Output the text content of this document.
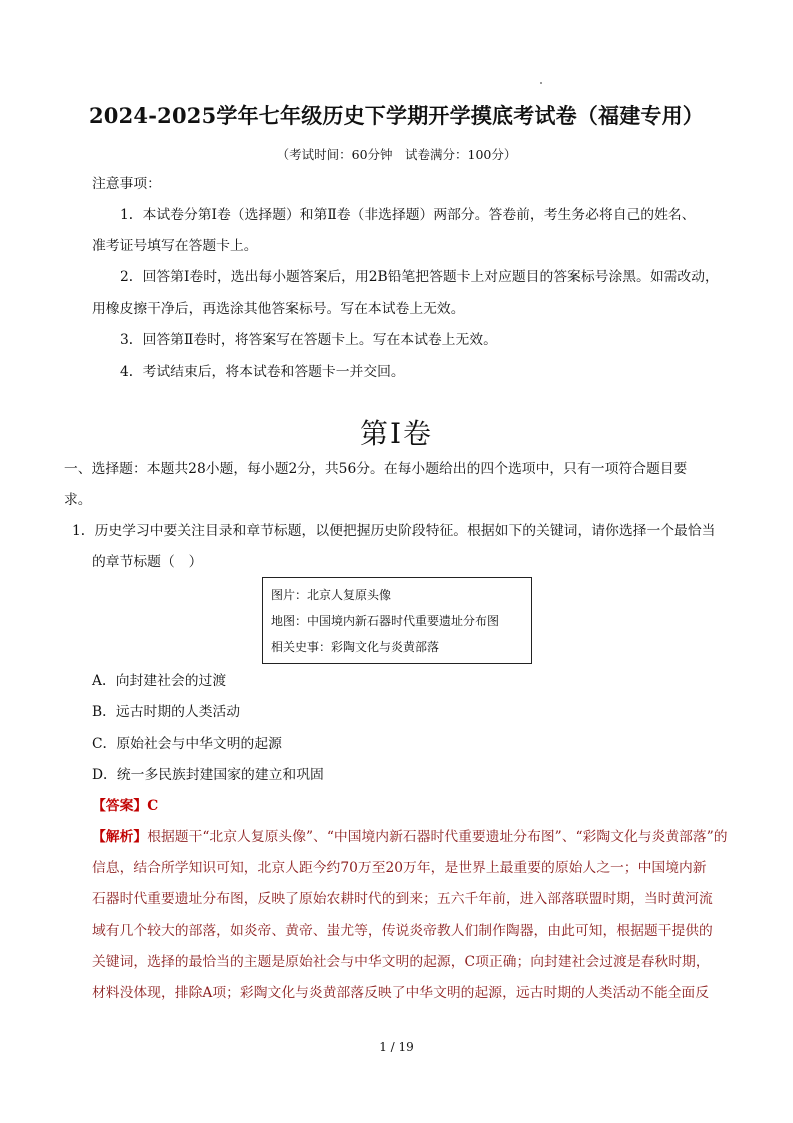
2024-2025学年七年级历史下学期开学摸底考试卷（福建专用）
（考试时间：60分钟　试卷满分：100分）
注意事项：
1．本试卷分第Ⅰ卷（选择题）和第Ⅱ卷（非选择题）两部分。答卷前，考生务必将自己的姓名、
准考证号填写在答题卡上。
2．回答第Ⅰ卷时，选出每小题答案后，用2B铅笔把答题卡上对应题目的答案标号涂黑。如需改动，
用橡皮擦干净后，再选涂其他答案标号。写在本试卷上无效。
3．回答第Ⅱ卷时，将答案写在答题卡上。写在本试卷上无效。
4．考试结束后，将本试卷和答题卡一并交回。
第Ⅰ卷
一、选择题：本题共28小题，每小题2分，共56分。在每小题给出的四个选项中，只有一项符合题目要
求。
1．历史学习中要关注目录和章节标题，以便把握历史阶段特征。根据如下的关键词，请你选择一个最恰当
的章节标题（　）
图片：北京人复原头像
地图：中国境内新石器时代重要遗址分布图
相关史事：彩陶文化与炎黄部落
A．向封建社会的过渡
B．远古时期的人类活动
C．原始社会与中华文明的起源
D．统一多民族封建国家的建立和巩固
【答案】C
【解析】根据题干“北京人复原头像”、“中国境内新石器时代重要遗址分布图”、“彩陶文化与炎黄部落”的
信息，结合所学知识可知，北京人距今约70万至20万年，是世界上最重要的原始人之一；中国境内新
石器时代重要遗址分布图，反映了原始农耕时代的到来；五六千年前，进入部落联盟时期，当时黄河流
域有几个较大的部落，如炎帝、黄帝、蚩尤等，传说炎帝教人们制作陶器，由此可知，根据题干提供的
关键词，选择的最恰当的主题是原始社会与中华文明的起源，C项正确；向封建社会过渡是春秋时期，
材料没体现，排除A项；彩陶文化与炎黄部落反映了中华文明的起源，远古时期的人类活动不能全面反
1 / 19
